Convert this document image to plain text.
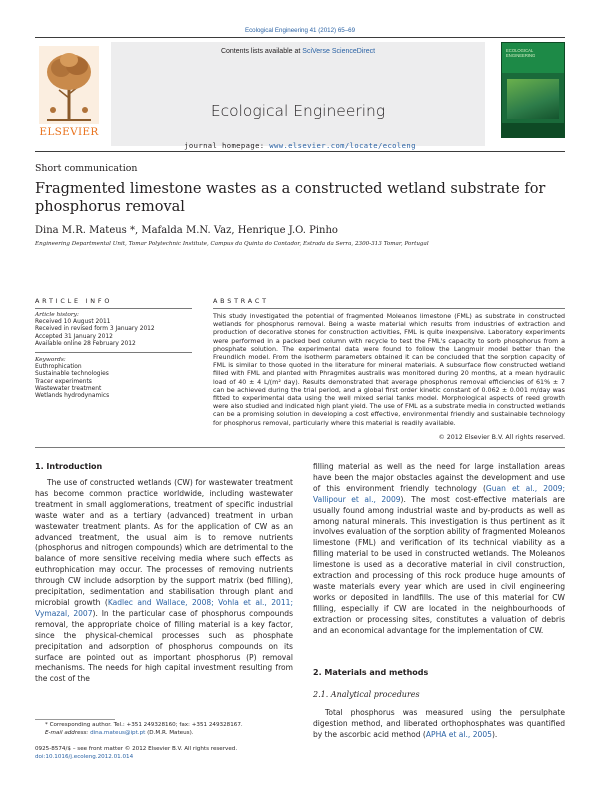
Ecological Engineering 41 (2012) 65–69
ELSEVIER
Contents lists available at SciVerse ScienceDirect
Ecological Engineering
journal homepage: www.elsevier.com/locate/ecoleng
ECOLOGICAL ENGINEERING
Short communication
Fragmented limestone wastes as a constructed wetland substrate for phosphorus removal
Dina M.R. Mateus *, Mafalda M.N. Vaz, Henrique J.O. Pinho
Engineering Departmental Unit, Tomar Polytechnic Institute, Campus da Quinta do Contador, Estrada da Serra, 2300-313 Tomar, Portugal
ARTICLE INFO
Article history:
Received 10 August 2011
Received in revised form 3 January 2012
Accepted 31 January 2012
Available online 28 February 2012
Keywords:
Euthrophication
Sustainable technologies
Tracer experiments
Wastewater treatment
Wetlands hydrodynamics
ABSTRACT
This study investigated the potential of fragmented Moleanos limestone (FML) as substrate in constructed wetlands for phosphorus removal. Being a waste material which results from industries of extraction and production of decorative stones for construction activities, FML is quite inexpensive. Laboratory experiments were performed in a packed bed column with recycle to test the FML's capacity to sorb phosphorus from a phosphate solution. The experimental data were found to follow the Langmuir model better than the Freundlich model. From the isotherm parameters obtained it can be concluded that the sorption capacity of FML is similar to those quoted in the literature for mineral materials. A subsurface flow constructed wetland filled with FML and planted with Phragmites australis was monitored during 20 months, at a mean hydraulic load of 40 ± 4 L/(m² day). Results demonstrated that average phosphorus removal efficiencies of 61% ± 7 can be achieved during the trial period, and a global first order kinetic constant of 0.062 ± 0.001 m/day was fitted to experimental data using the well mixed serial tanks model. Morphological aspects of reed growth were also studied and indicated high plant yield. The use of FML as a substrate media in constructed wetlands can be a promising solution in developing a cost effective, environmental friendly and sustainable technology for phosphorus removal, particularly where this material is readily available.
© 2012 Elsevier B.V. All rights reserved.
1. Introduction
The use of constructed wetlands (CW) for wastewater treatment has become common practice worldwide, including wastewater treatment in small agglomerations, treatment of specific industrial waste water and as a tertiary (advanced) treatment in urban wastewater treatment plants. As for the application of CW as an advanced treatment, the usual aim is to remove nutrients (phosphorus and nitrogen compounds) which are detrimental to the balance of more sensitive receiving media where such effects as euthrophication may occur. The processes of removing nutrients through CW include adsorption by the support matrix (bed filling), precipitation, sedimentation and stabilisation through plant and microbial growth (Kadlec and Wallace, 2008; Vohla et al., 2011; Vymazal, 2007). In the particular case of phosphorus compounds removal, the appropriate choice of filling material is a key factor, since the physical-chemical processes such as phosphate precipitation and adsorption of phosphorus compounds on its surface are pointed out as important phosphorus (P) removal mechanisms. The needs for high capital investment resulting from the cost of the
filling material as well as the need for large installation areas have been the major obstacles against the development and use of this environment friendly technology (Guan et al., 2009; Vallipour et al., 2009). The most cost-effective materials are usually found among industrial waste and by-products as well as among natural minerals. This investigation is thus pertinent as it involves evaluation of the sorption ability of fragmented Moleanos limestone (FML) and verification of its technical viability as a filling material to be used in constructed wetlands. The Moleanos limestone is used as a decorative material in civil construction, extraction and processing of this rock produce huge amounts of waste materials every year which are used in civil engineering works or deposited in landfills. The use of this material for CW filling, especially if CW are located in the neighbourhoods of extraction or processing sites, constitutes a valuation of debris and an economical advantage for the implementation of CW.
2. Materials and methods
2.1. Analytical procedures
Total phosphorus was measured using the persulphate digestion method, and liberated orthophosphates was quantified by the ascorbic acid method (APHA et al., 2005).
* Corresponding author. Tel.: +351 249328160; fax: +351 249328167.
E-mail address: dina.mateus@ipt.pt (D.M.R. Mateus).
0925-8574/$ – see front matter © 2012 Elsevier B.V. All rights reserved.
doi:10.1016/j.ecoleng.2012.01.014
